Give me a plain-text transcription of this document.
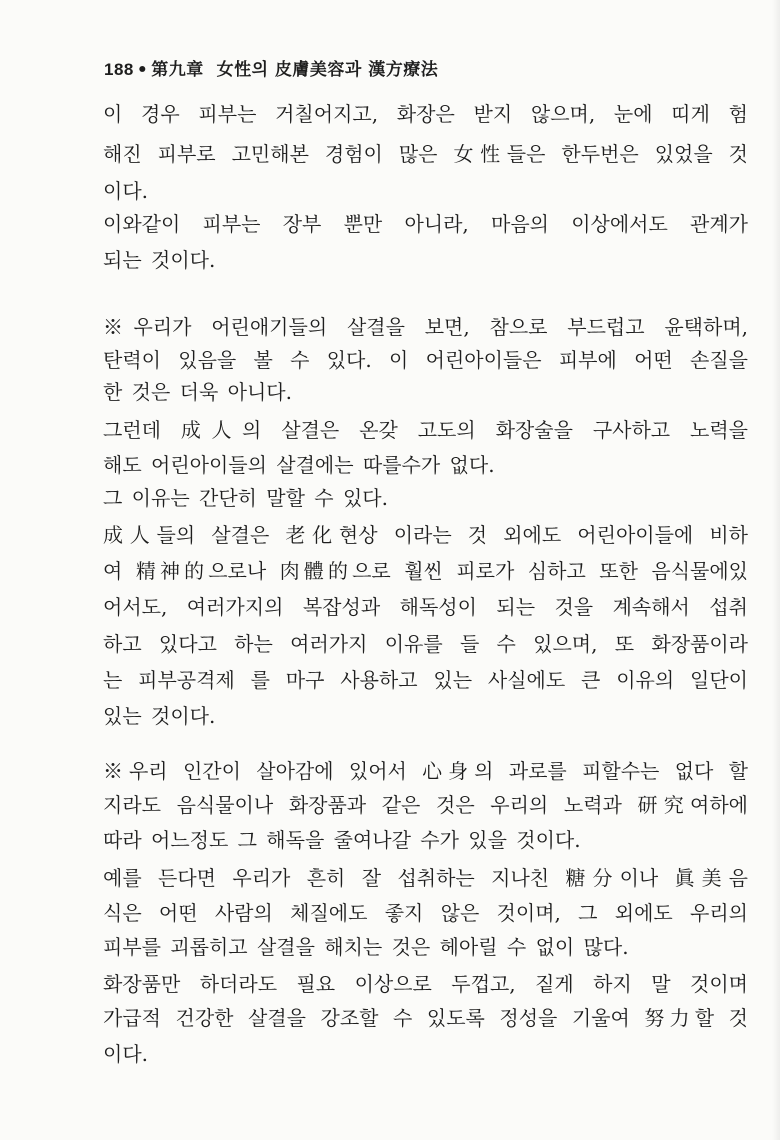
188 • 第九章 女性의 皮膚美容과 漢方療法
이 경우 피부는 거칠어지고, 화장은 받지 않으며, 눈에 띠게 험
해진 피부로 고민해본 경험이 많은 女性들은 한두번은 있었을 것
이다.
이와같이 피부는 장부 뿐만 아니라, 마음의 이상에서도 관계가
되는 것이다.
※우리가 어린애기들의 살결을 보면, 참으로 부드럽고 윤택하며,
탄력이 있음을 볼 수 있다. 이 어린아이들은 피부에 어떤 손질을
한 것은 더욱 아니다.
그런데 成人의 살결은 온갖 고도의 화장술을 구사하고 노력을
해도 어린아이들의 살결에는 따를수가 없다.
그 이유는 간단히 말할 수 있다.
成人들의 살결은 老化현상 이라는 것 외에도 어린아이들에 비하
여 精神的으로나 肉體的으로 훨씬 피로가 심하고 또한 음식물에있
어서도, 여러가지의 복잡성과 해독성이 되는 것을 계속해서 섭취
하고 있다고 하는 여러가지 이유를 들 수 있으며, 또 화장품이라
는 피부공격제 를 마구 사용하고 있는 사실에도 큰 이유의 일단이
있는 것이다.
※우리 인간이 살아감에 있어서 心身의 과로를 피할수는 없다 할
지라도 음식물이나 화장품과 같은 것은 우리의 노력과 研究여하에
따라 어느정도 그 해독을 줄여나갈 수가 있을 것이다.
예를 든다면 우리가 흔히 잘 섭취하는 지나친 糖分이나 眞美음
식은 어떤 사람의 체질에도 좋지 않은 것이며, 그 외에도 우리의
피부를 괴롭히고 살결을 해치는 것은 헤아릴 수 없이 많다.
화장품만 하더라도 필요 이상으로 두껍고, 짙게 하지 말 것이며
가급적 건강한 살결을 강조할 수 있도록 정성을 기울여 努力할 것
이다.
